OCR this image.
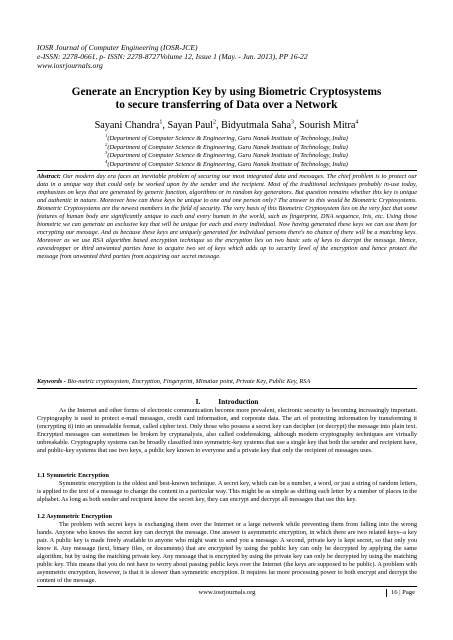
IOSR Journal of Computer Engineering (IOSR-JCE)
e-ISSN: 2278-0661, p- ISSN: 2278-8727Volume 12, Issue 1 (May. - Jun. 2013), PP 16-22
www.iosrjournals.org
Generate an Encryption Key by using Biometric Cryptosystems
to secure transferring of Data over a Network
Sayani Chandra$^1$, Sayan Paul$^2$, Bidyutmala Saha$^3$, Sourish Mitra$^4$
$^1$(Department of Computer Science & Engineering, Guru Nanak Institute of Technology, India)
$^2$(Department of Computer Science & Engineering, Guru Nanak Institute of Technology, India)
$^3$(Department of Computer Science & Engineering, Guru Nanak Institute of Technology, India)
$^4$(Department of Computer Science & Engineering, Guru Nanak Institute of Technology, India)
Abstract: Our modern day era faces an inevitable problem of securing our most integrated data and messages. The chief problem is to protect our data in a unique way that could only be worked upon by the sender and the recipient. Most of the traditional techniques probably in-use today, emphasizes on keys that are generated by generic function, algorithms or in random key generators. But question remains whether this key is unique and authentic in nature. Moreover how can these keys be unique to one and one person only? The answer to this would be Biometric Cryptosystems. Biometric Cryptosystems are the newest members in the field of security. The very basis of this Biometric Cryptosystem lies on the very fact that some features of human body are significantly unique to each and every human in the world, such as fingerprint, DNA sequence, Iris, etc. Using those biometric we can generate an exclusive key that will be unique for each and every individual. Now having generated these keys we can use them for encrypting our message. And as because these keys are uniquely generated for individual persons there's no chance of there will be a matching keys. Moreover as we use RSA algorithm based encryption technique so the encryption lies on two basic sets of keys to decrypt the message. Hence, eavesdropper or third unwanted parties have to acquire two set of keys which adds up to security level of the encryption and hence protect the message from unwanted third parties from acquiring our secret message.
Keywords - Bio-metric cryptosystem, Encryption, Fingerprint, Minutiae point, Private Key, Public Key, RSA
I. Introduction
As the Internet and other forms of electronic communication become more prevalent, electronic security is becoming increasingly important. Cryptography is used to protect e-mail messages, credit card information, and corporate data. The art of protecting information by transforming it (encrypting it) into an unreadable format, called cipher text. Only those who possess a secret key can decipher (or decrypt) the message into plain text. Encrypted messages can sometimes be broken by cryptanalysis, also called codebreaking, although modern cryptography techniques are virtually unbreakable. Cryptography systems can be broadly classified into symmetric-key systems that use a single key that both the sender and recipient have, and public-key systems that use two keys, a public key known to everyone and a private key that only the recipient of messages uses.
1.1 Symmetric Encryption
Symmetric encryption is the oldest and best-known technique. A secret key, which can be a number, a word, or just a string of random letters, is applied to the text of a message to change the content in a particular way. This might be as simple as shifting each letter by a number of places in the alphabet. As long as both sender and recipient know the secret key, they can encrypt and decrypt all messages that use this key.
1.2 Asymmetric Encryption
The problem with secret keys is exchanging them over the Internet or a large network while preventing them from falling into the wrong hands. Anyone who knows the secret key can decrypt the message. One answer is asymmetric encryption, in which there are two related keys--a key pair. A public key is made freely available to anyone who might want to send you a message. A second, private key is kept secret, so that only you know it. Any message (text, binary files, or documents) that are encrypted by using the public key can only be decrypted by applying the same algorithm, but by using the matching private key. Any message that is encrypted by using the private key can only be decrypted by using the matching public key. This means that you do not have to worry about passing public keys over the Internet (the keys are supposed to be public). A problem with asymmetric encryption, however, is that it is slower than symmetric encryption. It requires far more processing power to both encrypt and decrypt the content of the message.
www.iosrjournals.org	16 | Page
